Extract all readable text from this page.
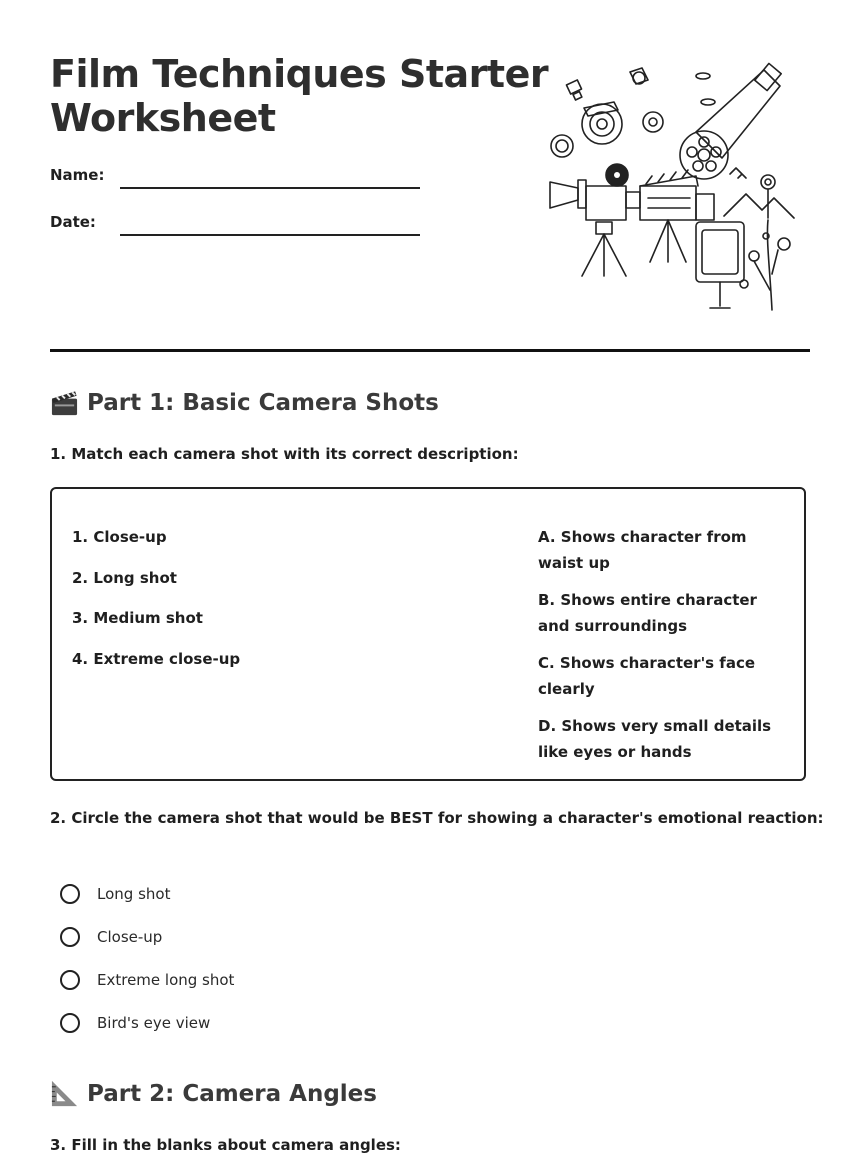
Film Techniques Starter
Worksheet
Name:
Date:
Part 1: Basic Camera Shots
1. Match each camera shot with its correct description:
1. Close-up
2. Long shot
3. Medium shot
4. Extreme close-up
A. Shows character from waist up
B. Shows entire character and surroundings
C. Shows character's face clearly
D. Shows very small details like eyes or hands
2. Circle the camera shot that would be BEST for showing a character's emotional reaction:
Long shot
Close-up
Extreme long shot
Bird's eye view
Part 2: Camera Angles
3. Fill in the blanks about camera angles:
